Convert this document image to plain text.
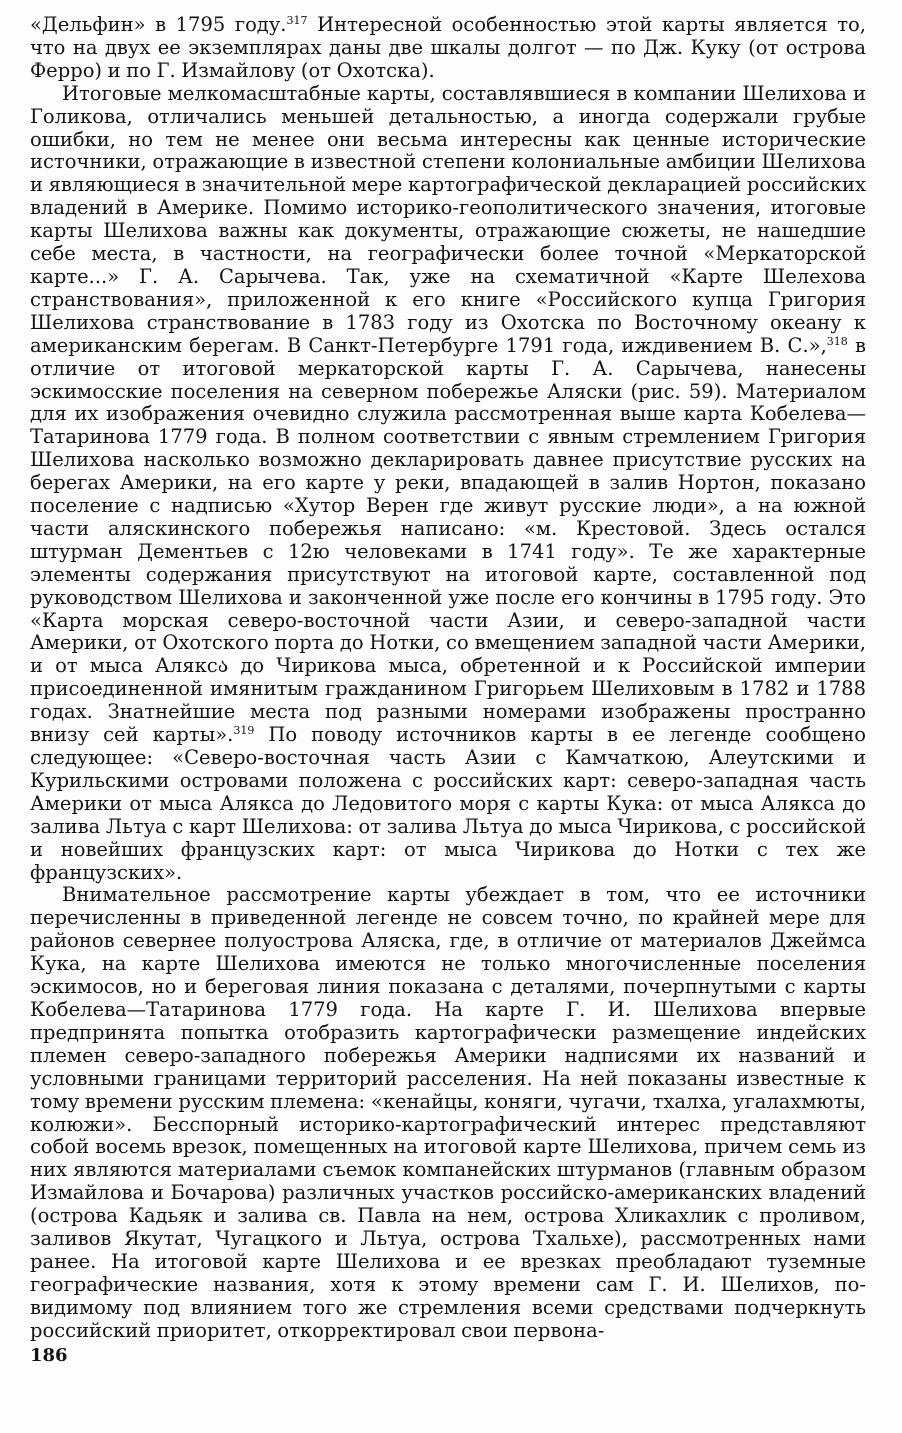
«Дельфин» в 1795 году.$^{317}$ Интересной особенностью этой карты является то, что на двух ее экземплярах даны две шкалы долгот — по Дж. Куку (от острова Ферро) и по Г. Измайлову (от Охотска).

Итоговые мелкомасштабные карты, составлявшиеся в компании Шелихова и Голикова, отличались меньшей детальностью, а иногда содержали грубые ошибки, но тем не менее они весьма интересны как ценные исторические источники, отражающие в известной степени колониальные амбиции Шелихова и являющиеся в значительной мере картографической декларацией российских владений в Америке. Помимо историко-геополитического значения, итоговые карты Шелихова важны как документы, отражающие сюжеты, не нашедшие себе места, в частности, на географически более точной «Меркаторской карте...» Г. А. Сарычева. Так, уже на схематичной «Карте Шелехова странствования», приложенной к его книге «Российского купца Григория Шелихова странствование в 1783 году из Охотска по Восточному океану к американским берегам. В Санкт-Петербурге 1791 года, иждивением В. С.»,$^{318}$ в отличие от итоговой меркаторской карты Г. А. Сарычева, нанесены эскимосские поселения на северном побережье Аляски (рис. 59). Материалом для их изображения очевидно служила рассмотренная выше карта Кобелева—Татаринова 1779 года. В полном соответствии с явным стремлением Григория Шелихова насколько возможно декларировать давнее присутствие русских на берегах Америки, на его карте у реки, впадающей в залив Нортон, показано поселение с надписью «Хутор Верен где живут русские люди», а на южной части аляскинского побережья написано: «м. Крестовой. Здесь остался штурман Дементьев с 12ю человеками в 1741 году». Те же характерные элементы содержания присутствуют на итоговой карте, составленной под руководством Шелихова и законченной уже после его кончины в 1795 году. Это «Карта морская северо-восточной части Азии, и северо-западной части Америки, от Охотского порта до Нотки, со вмещением западной части Америки, и от мыса Аляксა до Чирикова мыса, обретенной и к Российской империи присоединенной имянитым гражданином Григорьем Шелиховым в 1782 и 1788 годах. Знатнейшие места под разными номерами изображены пространно внизу сей карты».$^{319}$ По поводу источников карты в ее легенде сообщено следующее: «Северо-восточная часть Азии с Камчаткою, Алеутскими и Курильскими островами положена с российских карт: северо-западная часть Америки от мыса Алякса до Ледовитого моря с карты Кука: от мыса Алякса до залива Льтуа с карт Шелихова: от залива Льтуа до мыса Чирикова, с российской и новейших французских карт: от мыса Чирикова до Нотки с тех же французских».

Внимательное рассмотрение карты убеждает в том, что ее источники перечисленны в приведенной легенде не совсем точно, по крайней мере для районов севернее полуострова Аляска, где, в отличие от материалов Джеймса Кука, на карте Шелихова имеются не только многочисленные поселения эскимосов, но и береговая линия показана с деталями, почерпнутыми с карты Кобелева—Татаринова 1779 года. На карте Г. И. Шелихова впервые предпринята попытка отобразить картографически размещение индейских племен северо-западного побережья Америки надписями их названий и условными границами территорий расселения. На ней показаны известные к тому времени русским племена: «кенайцы, коняги, чугачи, тхалха, угалахмюты, колюжи». Бесспорный историко-картографический интерес представляют собой восемь врезок, помещенных на итоговой карте Шелихова, причем семь из них являются материалами съемок компанейских штурманов (главным образом Измайлова и Бочарова) различных участков российско-американских владений (острова Кадьяк и залива св. Павла на нем, острова Хликахлик с проливом, заливов Якутат, Чугацкого и Льтуа, острова Тхальхе), рассмотренных нами ранее. На итоговой карте Шелихова и ее врезках преобладают туземные географические названия, хотя к этому времени сам Г. И. Шелихов, по-видимому под влиянием того же стремления всеми средствами подчеркнуть российский приоритет, откорректировал свои первона-

186
